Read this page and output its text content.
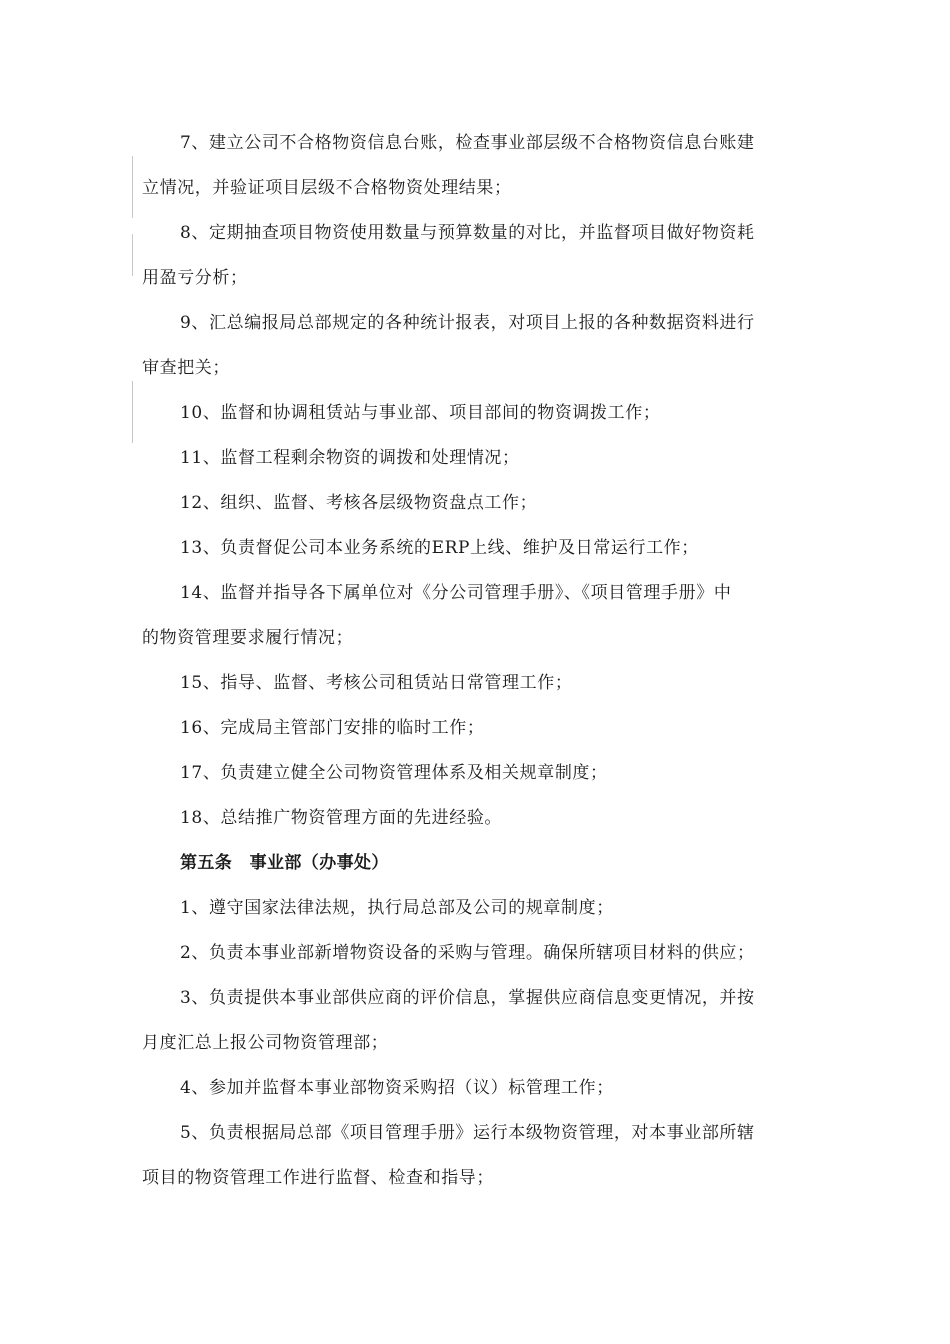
7、建立公司不合格物资信息台账，检查事业部层级不合格物资信息台账建
立情况，并验证项目层级不合格物资处理结果；
8、定期抽查项目物资使用数量与预算数量的对比，并监督项目做好物资耗
用盈亏分析；
9、汇总编报局总部规定的各种统计报表，对项目上报的各种数据资料进行
审查把关；
10、监督和协调租赁站与事业部、项目部间的物资调拨工作；
11、监督工程剩余物资的调拨和处理情况；
12、组织、监督、考核各层级物资盘点工作；
13、负责督促公司本业务系统的ERP上线、维护及日常运行工作；
14、监督并指导各下属单位对《分公司管理手册》、《项目管理手册》中
的物资管理要求履行情况；
15、指导、监督、考核公司租赁站日常管理工作；
16、完成局主管部门安排的临时工作；
17、负责建立健全公司物资管理体系及相关规章制度；
18、总结推广物资管理方面的先进经验。
第五条　事业部（办事处）
1、遵守国家法律法规，执行局总部及公司的规章制度；
2、负责本事业部新增物资设备的采购与管理。确保所辖项目材料的供应；
3、负责提供本事业部供应商的评价信息，掌握供应商信息变更情况，并按
月度汇总上报公司物资管理部；
4、参加并监督本事业部物资采购招（议）标管理工作；
5、负责根据局总部《项目管理手册》运行本级物资管理，对本事业部所辖
项目的物资管理工作进行监督、检查和指导；
